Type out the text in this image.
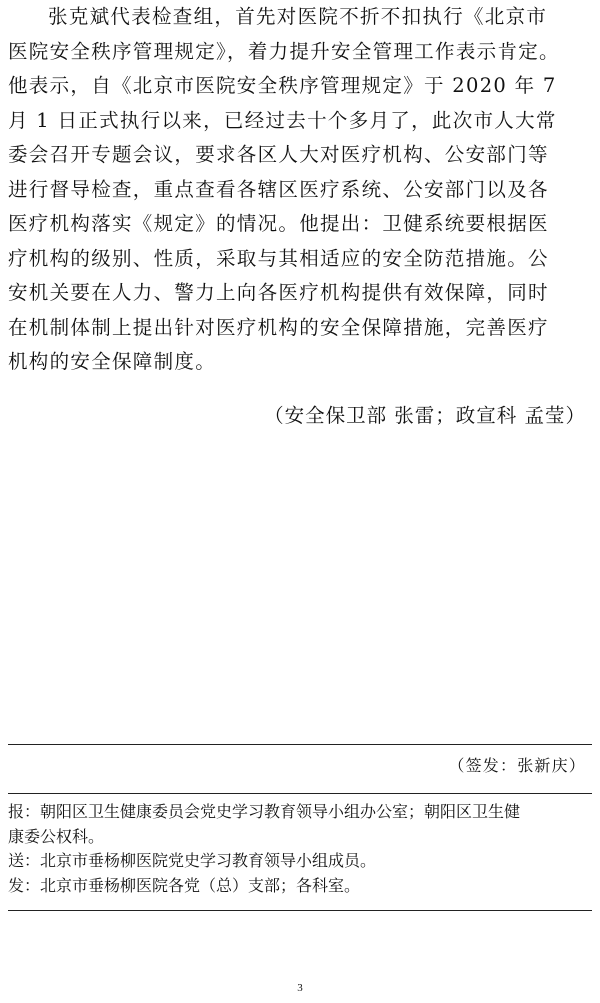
张克斌代表检查组，首先对医院不折不扣执行《北京市
医院安全秩序管理规定》，着力提升安全管理工作表示肯定。
他表示，自《北京市医院安全秩序管理规定》于 2020 年 7
月 1 日正式执行以来，已经过去十个多月了，此次市人大常
委会召开专题会议，要求各区人大对医疗机构、公安部门等
进行督导检查，重点查看各辖区医疗系统、公安部门以及各
医疗机构落实《规定》的情况。他提出：卫健系统要根据医
疗机构的级别、性质，采取与其相适应的安全防范措施。公
安机关要在人力、警力上向各医疗机构提供有效保障，同时
在机制体制上提出针对医疗机构的安全保障措施，完善医疗
机构的安全保障制度。
（安全保卫部 张雷；政宣科 孟莹）
（签发：张新庆）
报：朝阳区卫生健康委员会党史学习教育领导小组办公室；朝阳区卫生健
康委公权科。
送：北京市垂杨柳医院党史学习教育领导小组成员。
发：北京市垂杨柳医院各党（总）支部；各科室。
3
